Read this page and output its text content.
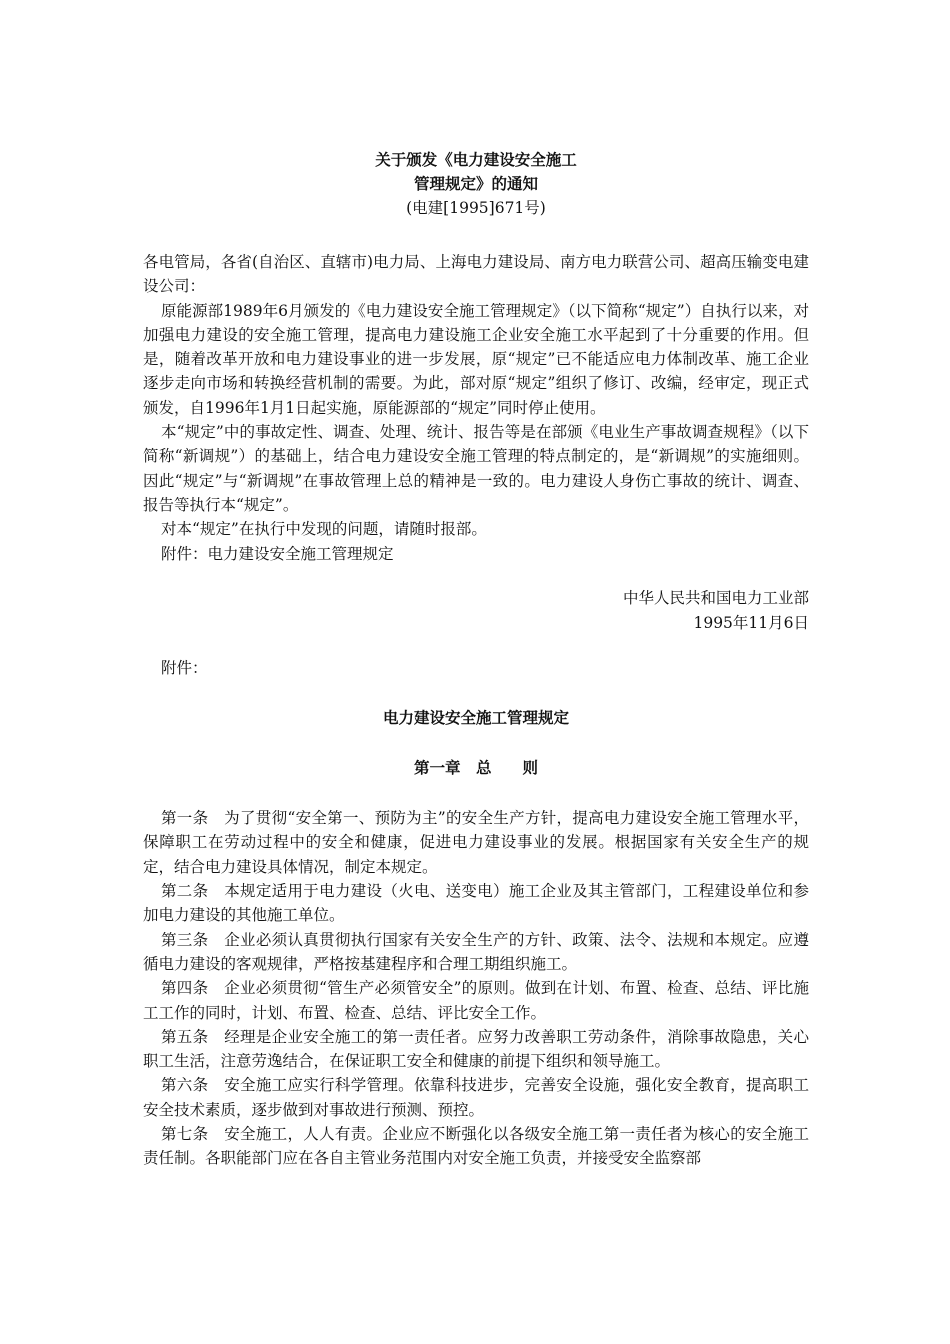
关于颁发《电力建设安全施工
管理规定》的通知
(电建[1995]671号)

各电管局，各省(自治区、直辖市)电力局、上海电力建设局、南方电力联营公司、超高压输变电建设公司：

原能源部1989年6月颁发的《电力建设安全施工管理规定》（以下简称“规定”）自执行以来，对加强电力建设的安全施工管理，提高电力建设施工企业安全施工水平起到了十分重要的作用。但是，随着改革开放和电力建设事业的进一步发展，原“规定”已不能适应电力体制改革、施工企业逐步走向市场和转换经营机制的需要。为此，部对原“规定”组织了修订、改编，经审定，现正式颁发，自1996年1月1日起实施，原能源部的“规定”同时停止使用。

本“规定”中的事故定性、调查、处理、统计、报告等是在部颁《电业生产事故调查规程》（以下简称“新调规”）的基础上，结合电力建设安全施工管理的特点制定的，是“新调规”的实施细则。因此“规定”与“新调规”在事故管理上总的精神是一致的。电力建设人身伤亡事故的统计、调查、报告等执行本“规定”。

对本“规定”在执行中发现的问题，请随时报部。

附件：电力建设安全施工管理规定

中华人民共和国电力工业部
1995年11月6日

附件：

电力建设安全施工管理规定
第一章　总　　则

第一条　为了贯彻“安全第一、预防为主”的安全生产方针，提高电力建设安全施工管理水平，保障职工在劳动过程中的安全和健康，促进电力建设事业的发展。根据国家有关安全生产的规定，结合电力建设具体情况，制定本规定。

第二条　本规定适用于电力建设（火电、送变电）施工企业及其主管部门，工程建设单位和参加电力建设的其他施工单位。

第三条　企业必须认真贯彻执行国家有关安全生产的方针、政策、法令、法规和本规定。应遵循电力建设的客观规律，严格按基建程序和合理工期组织施工。

第四条　企业必须贯彻“管生产必须管安全”的原则。做到在计划、布置、检查、总结、评比施工工作的同时，计划、布置、检查、总结、评比安全工作。

第五条　经理是企业安全施工的第一责任者。应努力改善职工劳动条件，消除事故隐患，关心职工生活，注意劳逸结合，在保证职工安全和健康的前提下组织和领导施工。

第六条　安全施工应实行科学管理。依靠科技进步，完善安全设施，强化安全教育，提高职工安全技术素质，逐步做到对事故进行预测、预控。

第七条　安全施工，人人有责。企业应不断强化以各级安全施工第一责任者为核心的安全施工责任制。各职能部门应在各自主管业务范围内对安全施工负责，并接受安全监察部
